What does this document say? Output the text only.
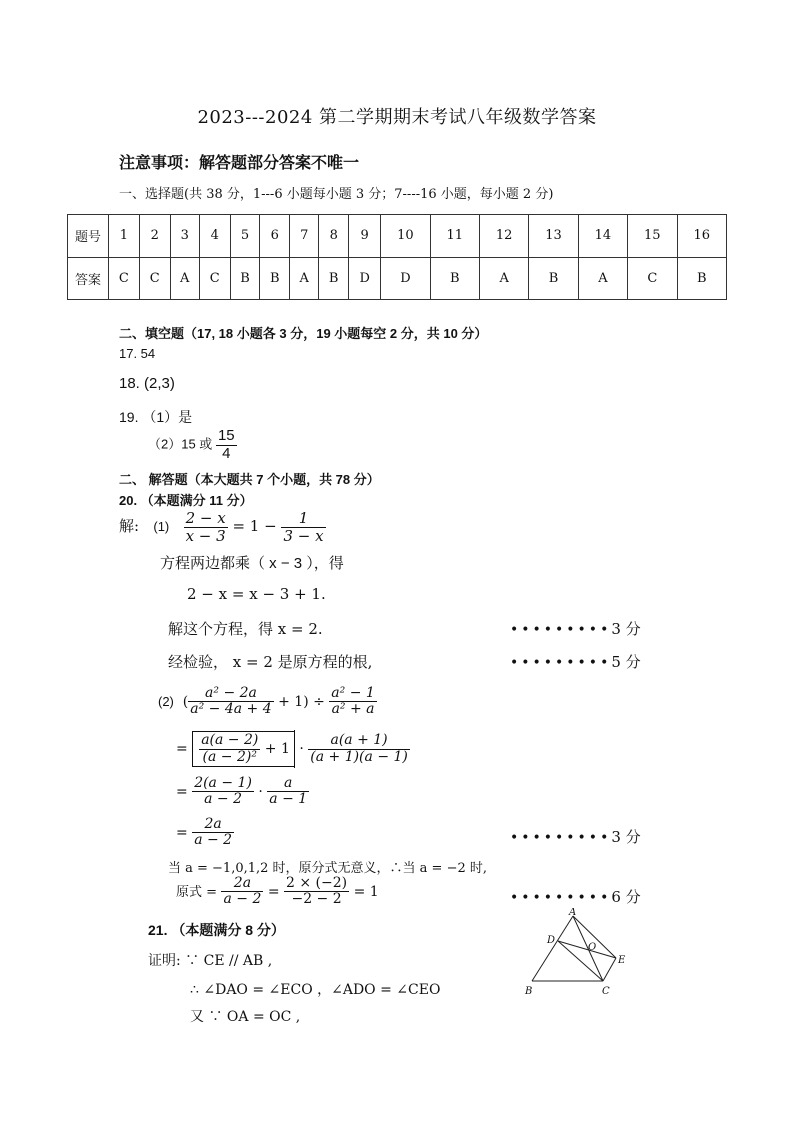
2023---2024 第二学期期末考试八年级数学答案
注意事项：解答题部分答案不唯一
一、选择题(共 38 分，1---6 小题每小题 3 分；7----16 小题，每小题 2 分)
题号	1	2	3	4	5	6	7	8	9	10	11	12	13	14	15	16
答案	C	C	A	C	B	B	A	B	D	D	B	A	B	A	C	B
二、填空题（17, 18 小题各 3 分，19 小题每空 2 分，共 10 分）
17. 54
18. (2,3)
19. （1）是
（2）15 或 $\frac{15}{4}$
二、 解答题（本大题共 7 个小题，共 78 分）
20. （本题满分 11 分）
解: $(1) \frac{2 - x}{x - 3} = 1 - \frac{1}{3 - x}$
方程两边都乘（ x − 3 ），得
2 − x = x − 3 + 1.
解这个方程，得 x = 2.	•••••••••3 分
经检验， x = 2 是原方程的根,	•••••••••5 分
(2)  ( $\frac{\text{a² − 2a}}{\text{a² − 4a + 4}} + 1) \div \frac{\text{a² − 1}}{\text{a² + a}}$
= $\frac{a(a - 2)}{\text{(a − 2)²}} + 1 \cdot \frac{a(a + 1)}{(a + 1)(a - 1)}$
= $\frac{2(a - 1)}{a - 2} \cdot \frac{a}{a - 1}$
= $\frac{2a}{a - 2}$	•••••••••3 分
当 a = −1,0,1,2 时，原分式无意义，∴当 a = −2 时,
原式 = $\frac{2a}{a - 2} = \frac{2 \times (-2)}{-2 - 2} = 1$	•••••••••6 分
21. （本题满分 8 分）
证明: ∵ CE // AB ,
∴ ∠DAO = ∠ECO ，∠ADO = ∠CEO
又 ∵ OA = OC ,
A
D
O
E
B	C
